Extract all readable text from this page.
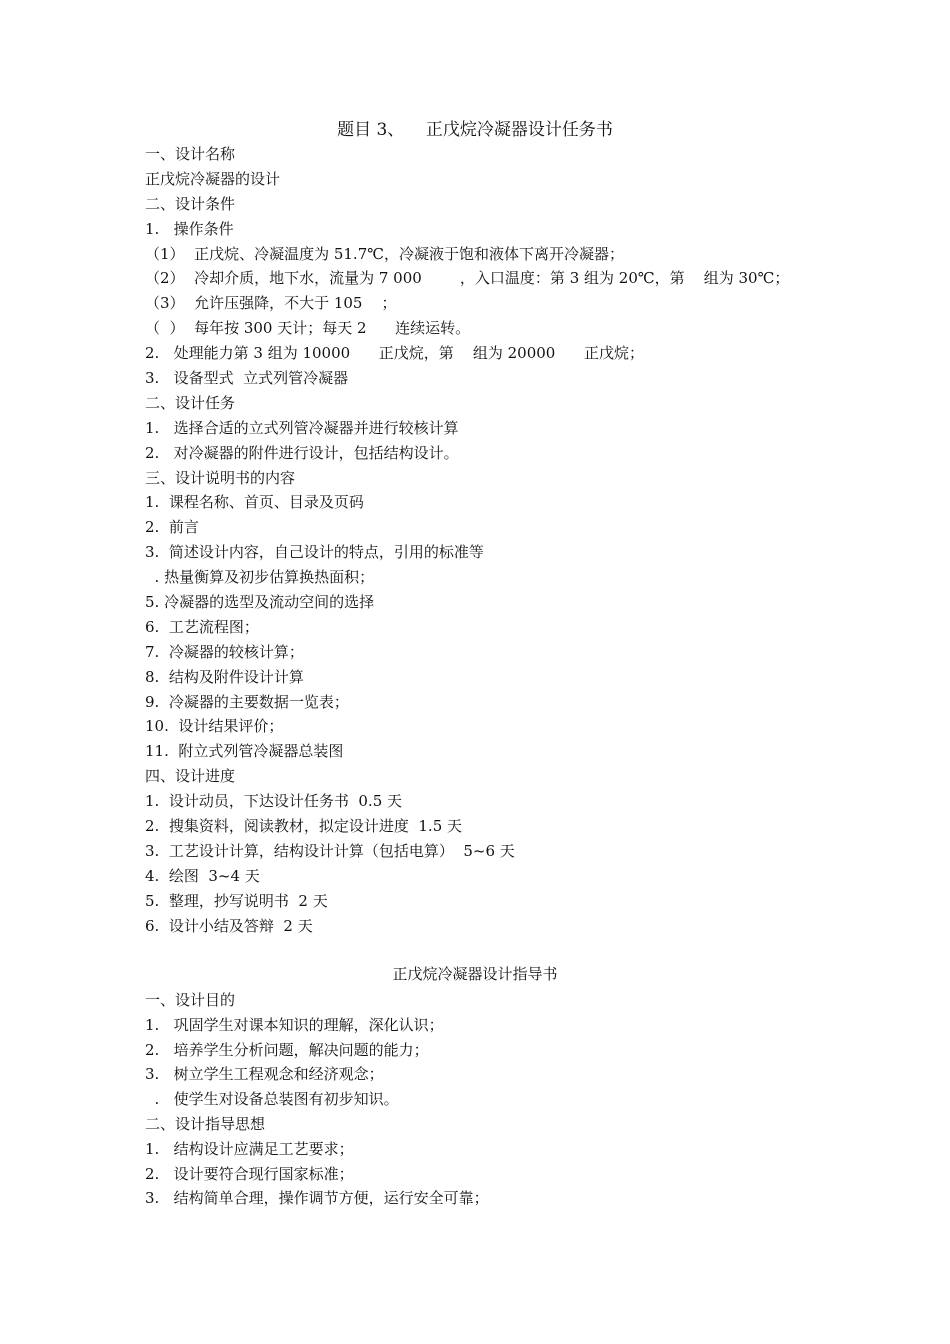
题目 3、    正戊烷冷凝器设计任务书
一、设计名称
正戊烷冷凝器的设计
二、设计条件
1.   操作条件
（1）  正戊烷、冷凝温度为 51.7℃，冷凝液于饱和液体下离开冷凝器；
（2）  冷却介质，地下水，流量为 7 000        ，入口温度：第 3 组为 20℃，第    组为 30℃；
（3）  允许压强降，不大于 105    ；
（  ）  每年按 300 天计；每天 2      连续运转。
2.   处理能力第 3 组为 10000      正戊烷，第    组为 20000      正戊烷；
3.   设备型式  立式列管冷凝器
二、设计任务
1.   选择合适的立式列管冷凝器并进行较核计算
2.   对冷凝器的附件进行设计，包括结构设计。
三、设计说明书的内容
1.  课程名称、首页、目录及页码
2.  前言
3.  简述设计内容，自己设计的特点，引用的标准等
. 热量衡算及初步估算换热面积；
5. 冷凝器的选型及流动空间的选择
6.  工艺流程图；
7.  冷凝器的较核计算；
8.  结构及附件设计计算
9.  冷凝器的主要数据一览表；
10.  设计结果评价；
11.  附立式列管冷凝器总装图
四、设计进度
1.  设计动员，下达设计任务书  0.5 天
2.  搜集资料，阅读教材，拟定设计进度  1.5 天
3.  工艺设计计算，结构设计计算（包括电算）  5~6 天
4.  绘图  3~4 天
5.  整理，抄写说明书  2 天
6.  设计小结及答辩  2 天
正戊烷冷凝器设计指导书
一、设计目的
1.   巩固学生对课本知识的理解，深化认识；
2.   培养学生分析问题，解决问题的能力；
3.   树立学生工程观念和经济观念；
.   使学生对设备总装图有初步知识。
二、设计指导思想
1.   结构设计应满足工艺要求；
2.   设计要符合现行国家标准；
3.   结构简单合理，操作调节方便，运行安全可靠；
